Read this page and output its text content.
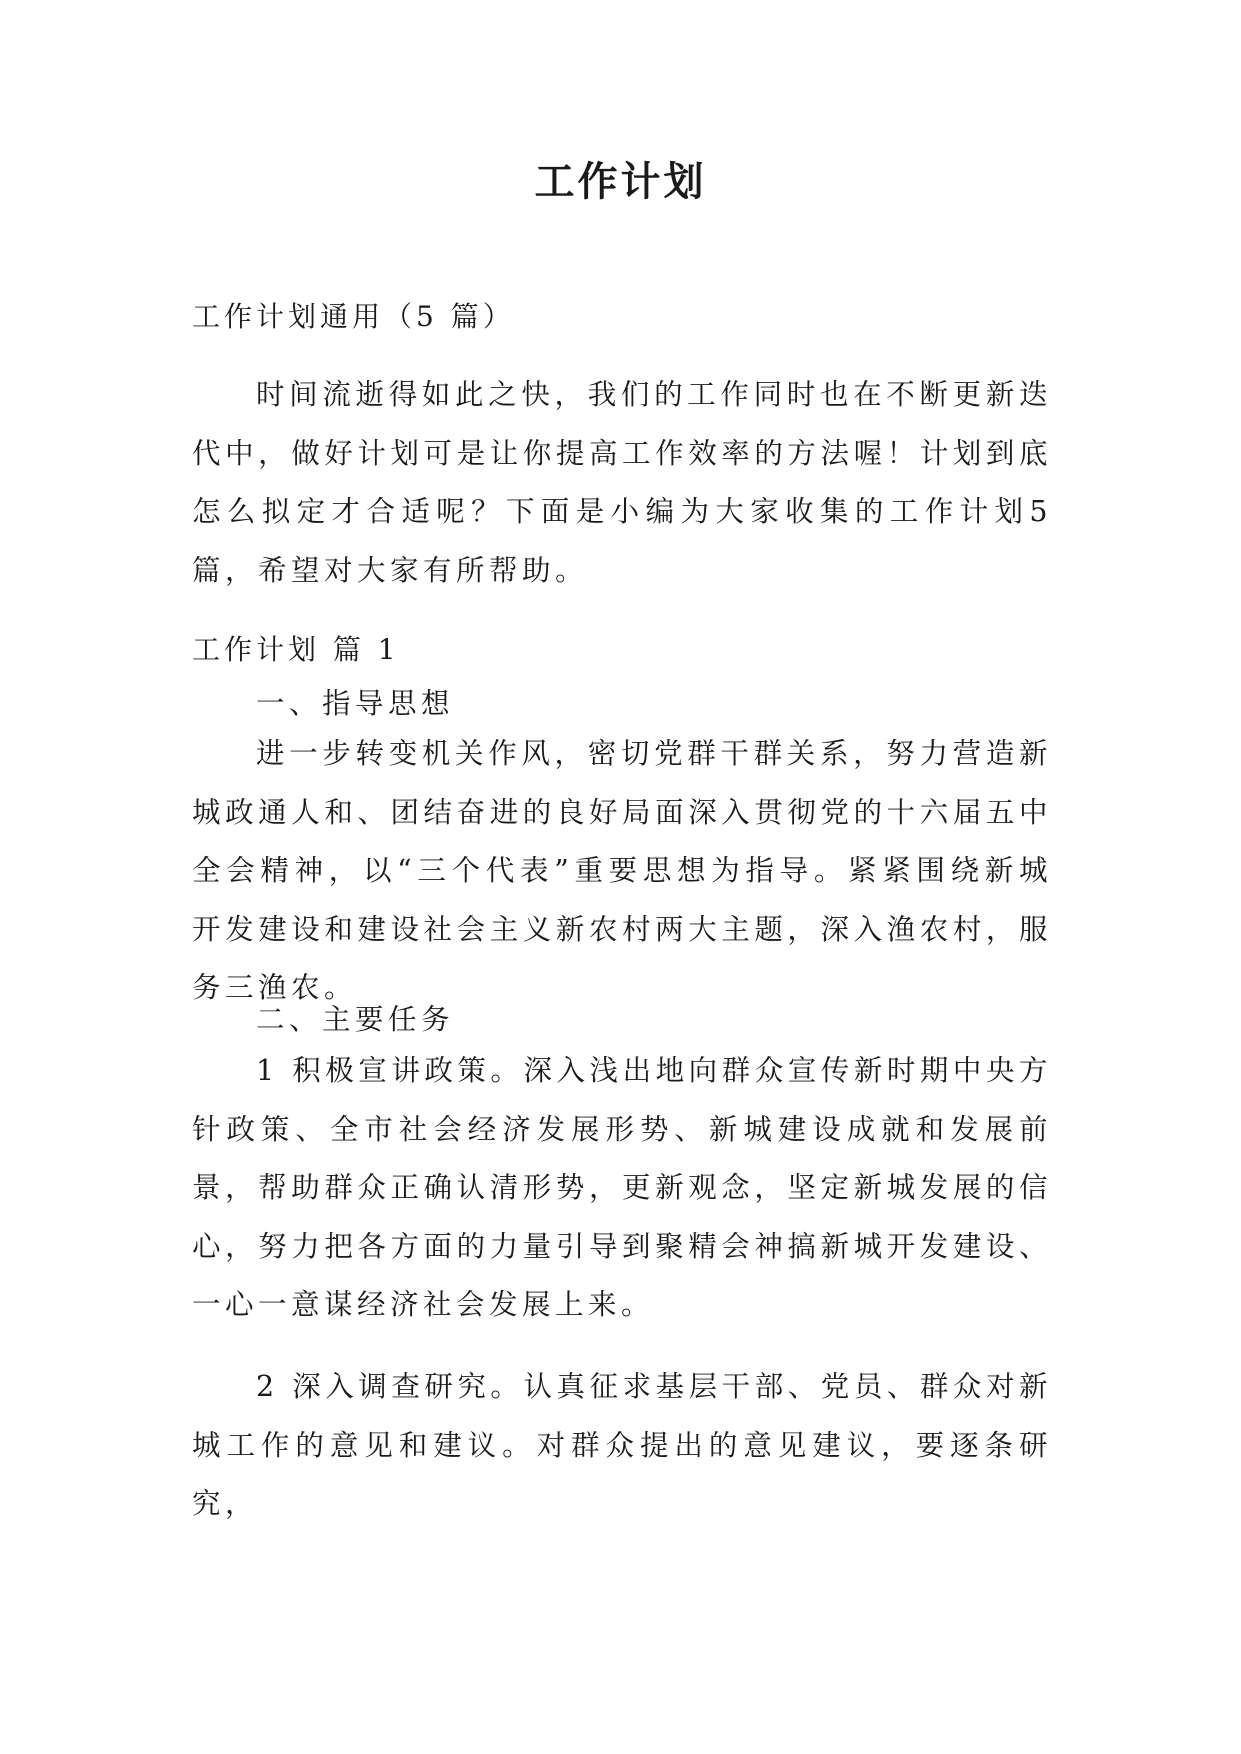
工作计划

工作计划通用（5 篇）

时间流逝得如此之快，我们的工作同时也在不断更新迭代中，做好计划可是让你提高工作效率的方法喔！计划到底怎么拟定才合适呢？下面是小编为大家收集的工作计划5篇，希望对大家有所帮助。

工作计划 篇 1

一、指导思想

进一步转变机关作风，密切党群干群关系，努力营造新城政通人和、团结奋进的良好局面深入贯彻党的十六届五中全会精神，以“三个代表”重要思想为指导。紧紧围绕新城开发建设和建设社会主义新农村两大主题，深入渔农村，服务三渔农。

二、主要任务

1 积极宣讲政策。深入浅出地向群众宣传新时期中央方针政策、全市社会经济发展形势、新城建设成就和发展前景，帮助群众正确认清形势，更新观念，坚定新城发展的信心，努力把各方面的力量引导到聚精会神搞新城开发建设、一心一意谋经济社会发展上来。

2 深入调查研究。认真征求基层干部、党员、群众对新城工作的意见和建议。对群众提出的意见建议，要逐条研究，
